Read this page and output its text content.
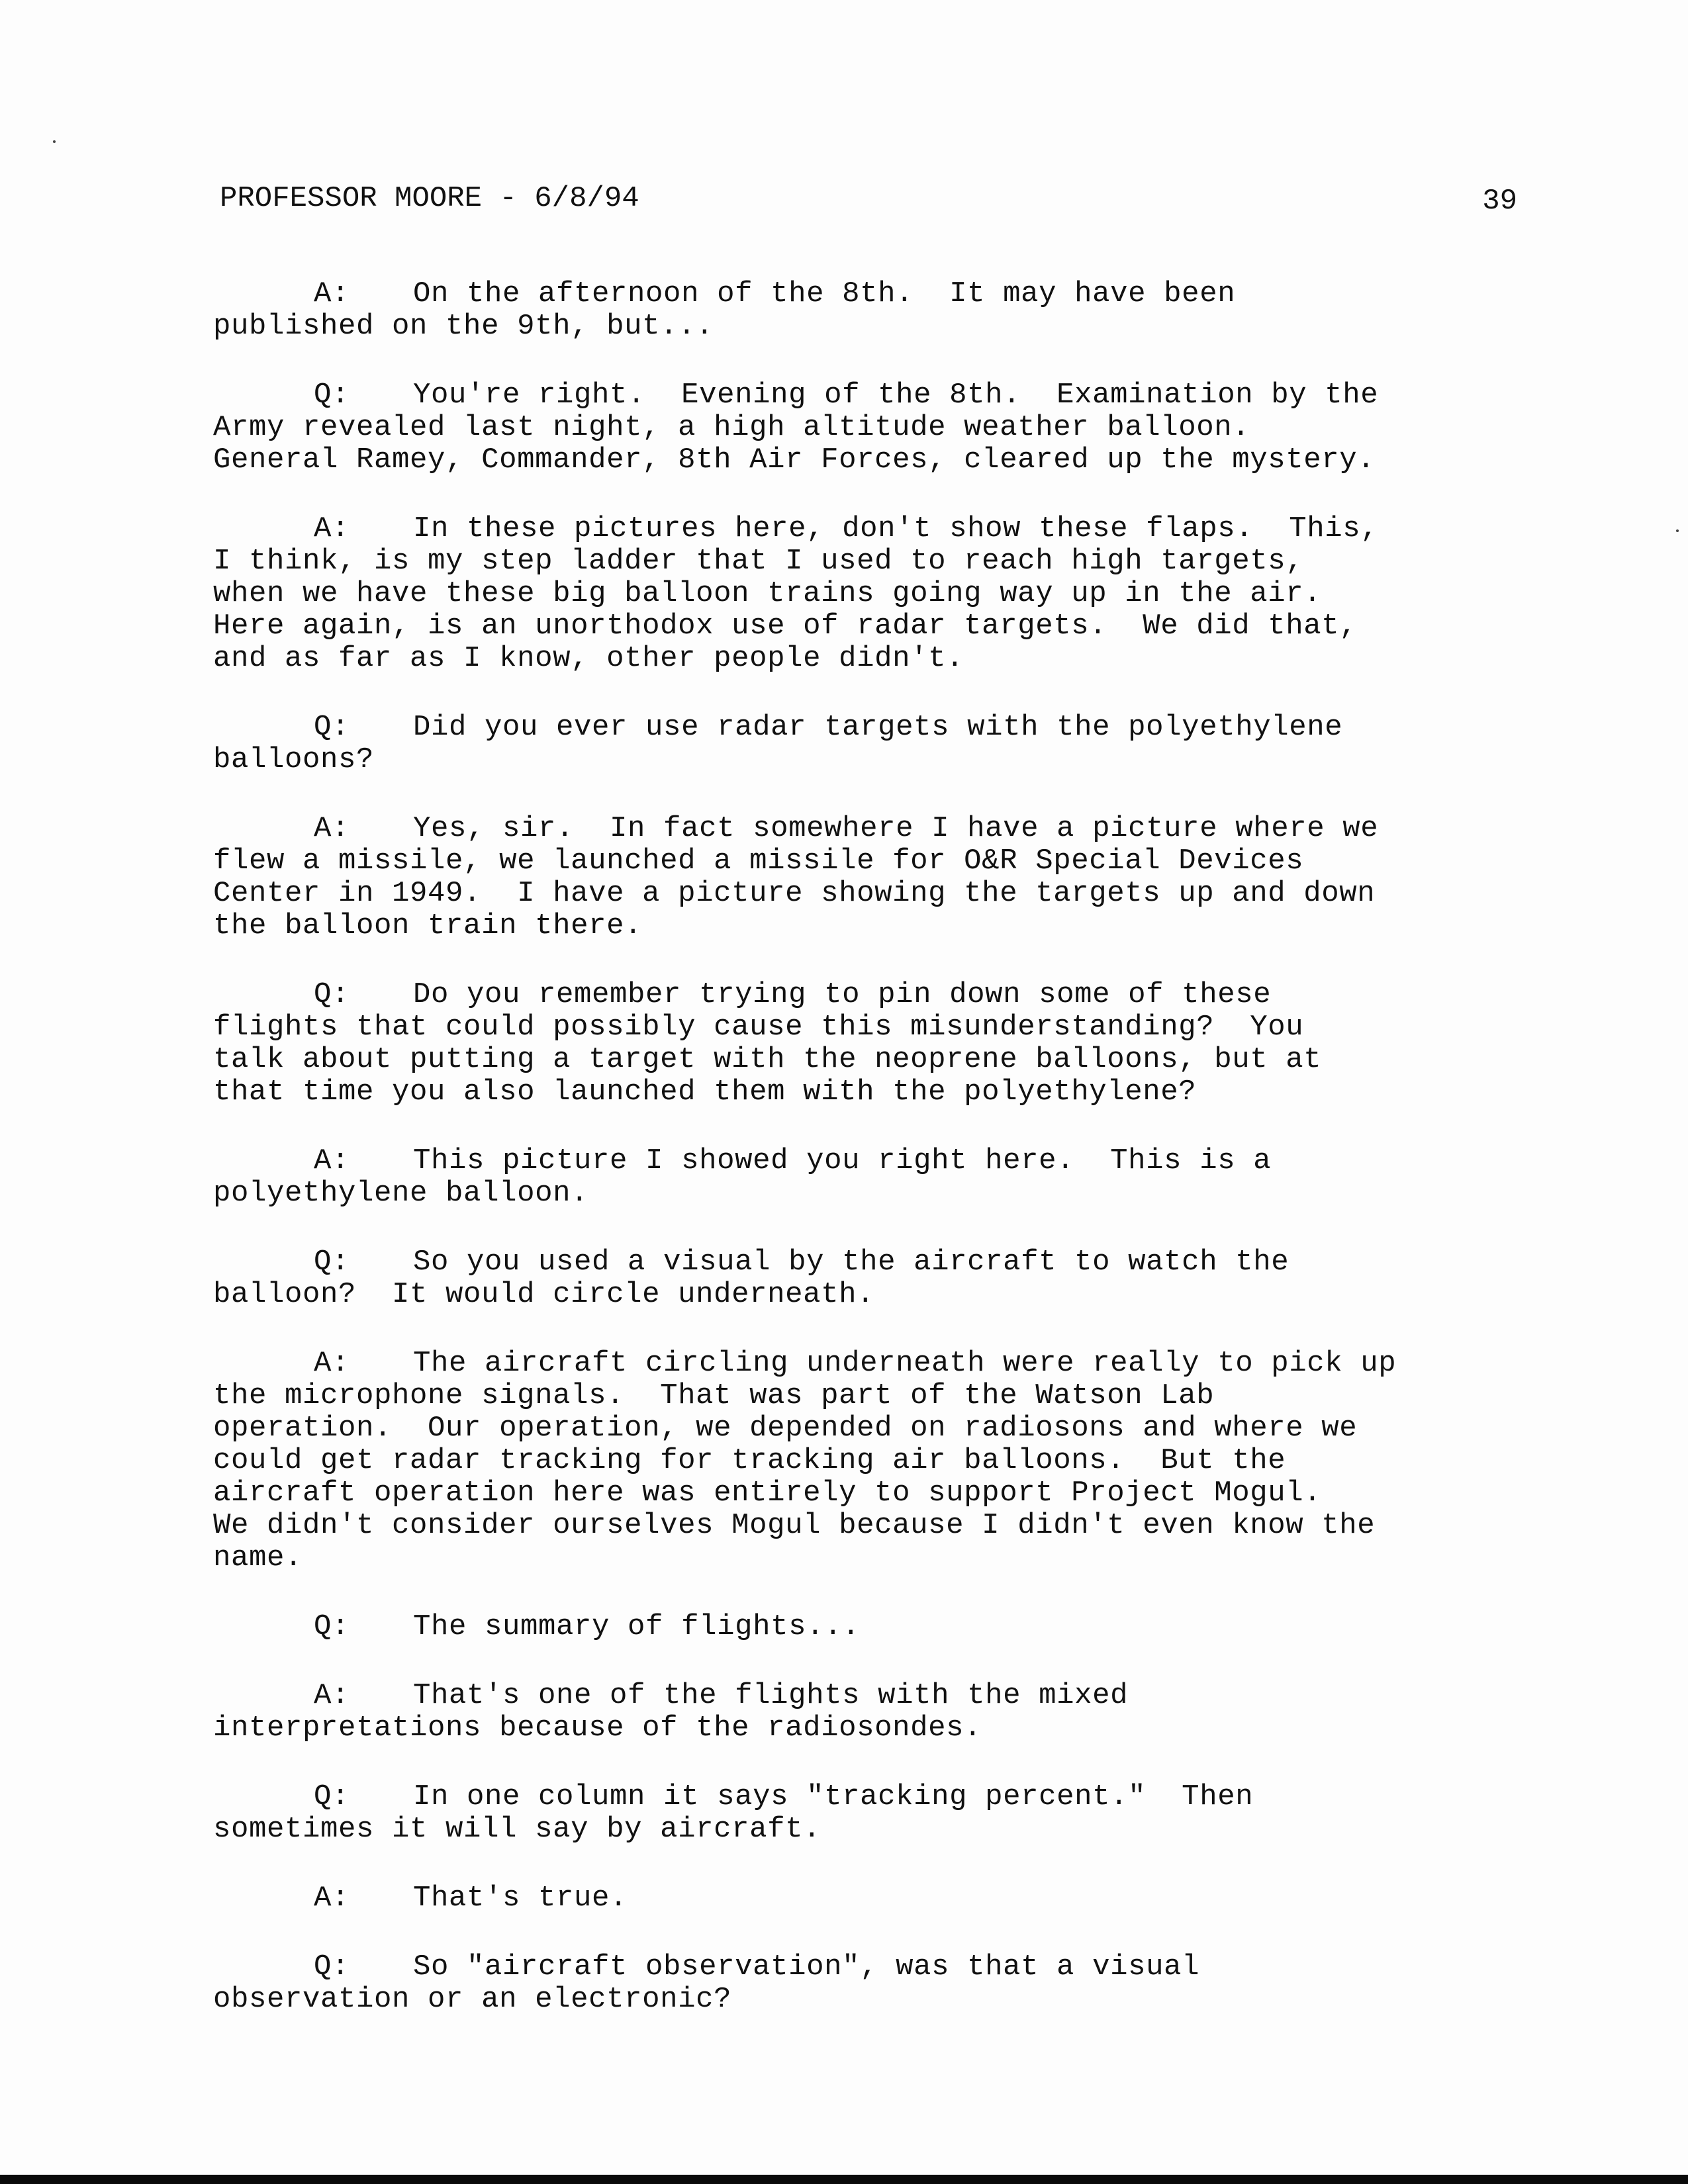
PROFESSOR MOORE - 6/8/94	39
A: On the afternoon of the 8th.  It may have been
published on the 9th, but...
Q: You're right.  Evening of the 8th.  Examination by the
Army revealed last night, a high altitude weather balloon.
General Ramey, Commander, 8th Air Forces, cleared up the mystery.
A: In these pictures here, don't show these flaps.  This,
I think, is my step ladder that I used to reach high targets,
when we have these big balloon trains going way up in the air.
Here again, is an unorthodox use of radar targets.  We did that,
and as far as I know, other people didn't.
Q: Did you ever use radar targets with the polyethylene
balloons?
A: Yes, sir.  In fact somewhere I have a picture where we
flew a missile, we launched a missile for O&R Special Devices
Center in 1949.  I have a picture showing the targets up and down
the balloon train there.
Q: Do you remember trying to pin down some of these
flights that could possibly cause this misunderstanding?  You
talk about putting a target with the neoprene balloons, but at
that time you also launched them with the polyethylene?
A: This picture I showed you right here.  This is a
polyethylene balloon.
Q: So you used a visual by the aircraft to watch the
balloon?  It would circle underneath.
A: The aircraft circling underneath were really to pick up
the microphone signals.  That was part of the Watson Lab
operation.  Our operation, we depended on radiosons and where we
could get radar tracking for tracking air balloons.  But the
aircraft operation here was entirely to support Project Mogul.
We didn't consider ourselves Mogul because I didn't even know the
name.
Q: The summary of flights...
A: That's one of the flights with the mixed
interpretations because of the radiosondes.
Q: In one column it says "tracking percent."  Then
sometimes it will say by aircraft.
A: That's true.
Q: So "aircraft observation", was that a visual
observation or an electronic?
